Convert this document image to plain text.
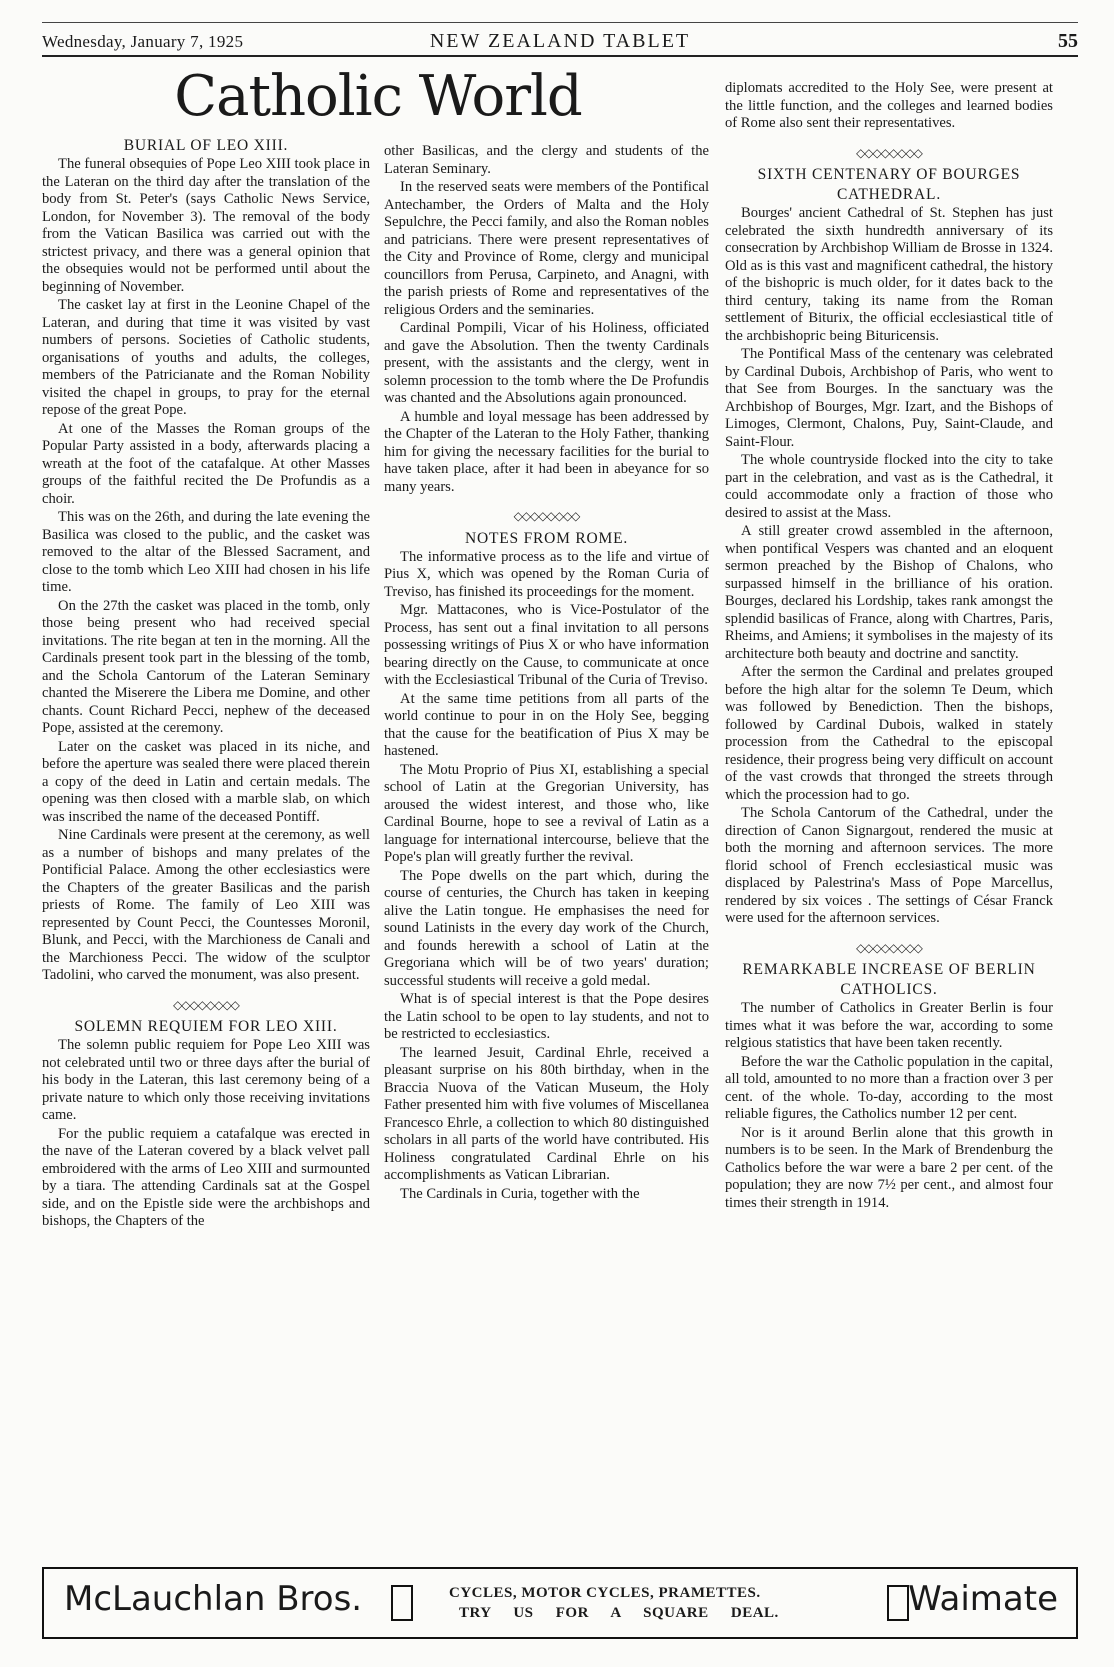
Wednesday, January 7, 1925	NEW ZEALAND TABLET	55
Catholic World
BURIAL OF LEO XIII.

The funeral obsequies of Pope Leo XIII took place in the Lateran on the third day after the translation of the body from St. Peter's (says Catholic News Service, London, for November 3). The removal of the body from the Vatican Basilica was carried out with the strictest privacy, and there was a general opinion that the obsequies would not be performed until about the beginning of November.

The casket lay at first in the Leonine Chapel of the Lateran, and during that time it was visited by vast numbers of persons. Societies of Catholic students, organisations of youths and adults, the colleges, members of the Patricianate and the Roman Nobility visited the chapel in groups, to pray for the eternal repose of the great Pope.

At one of the Masses the Roman groups of the Popular Party assisted in a body, afterwards placing a wreath at the foot of the catafalque. At other Masses groups of the faithful recited the De Profundis as a choir.

This was on the 26th, and during the late evening the Basilica was closed to the public, and the casket was removed to the altar of the Blessed Sacrament, and close to the tomb which Leo XIII had chosen in his life time.

On the 27th the casket was placed in the tomb, only those being present who had received special invitations. The rite began at ten in the morning. All the Cardinals present took part in the blessing of the tomb, and the Schola Cantorum of the Lateran Seminary chanted the Miserere the Libera me Domine, and other chants. Count Richard Pecci, nephew of the deceased Pope, assisted at the ceremony.

Later on the casket was placed in its niche, and before the aperture was sealed there were placed therein a copy of the deed in Latin and certain medals. The opening was then closed with a marble slab, on which was inscribed the name of the deceased Pontiff.

Nine Cardinals were present at the ceremony, as well as a number of bishops and many prelates of the Pontificial Palace. Among the other ecclesiastics were the Chapters of the greater Basilicas and the parish priests of Rome. The family of Leo XIII was represented by Count Pecci, the Countesses Moronil, Blunk, and Pecci, with the Marchioness de Canali and the Marchioness Pecci. The widow of the sculptor Tadolini, who carved the monument, was also present.

◇◇◇◇◇◇◇◇
SOLEMN REQUIEM FOR LEO XIII.

The solemn public requiem for Pope Leo XIII was not celebrated until two or three days after the burial of his body in the Lateran, this last ceremony being of a private nature to which only those receiving invitations came.

For the public requiem a catafalque was erected in the nave of the Lateran covered by a black velvet pall embroidered with the arms of Leo XIII and surmounted by a tiara. The attending Cardinals sat at the Gospel side, and on the Epistle side were the archbishops and bishops, the Chapters of the

other Basilicas, and the clergy and students of the Lateran Seminary.

In the reserved seats were members of the Pontifical Antechamber, the Orders of Malta and the Holy Sepulchre, the Pecci family, and also the Roman nobles and patricians. There were present representatives of the City and Province of Rome, clergy and municipal councillors from Perusa, Carpineto, and Anagni, with the parish priests of Rome and representatives of the religious Orders and the seminaries.

Cardinal Pompili, Vicar of his Holiness, officiated and gave the Absolution. Then the twenty Cardinals present, with the assistants and the clergy, went in solemn procession to the tomb where the De Profundis was chanted and the Absolutions again pronounced.

A humble and loyal message has been addressed by the Chapter of the Lateran to the Holy Father, thanking him for giving the necessary facilities for the burial to have taken place, after it had been in abeyance for so many years.

◇◇◇◇◇◇◇◇
NOTES FROM ROME.

The informative process as to the life and virtue of Pius X, which was opened by the Roman Curia of Treviso, has finished its proceedings for the moment.

Mgr. Mattacones, who is Vice-Postulator of the Process, has sent out a final invitation to all persons possessing writings of Pius X or who have information bearing directly on the Cause, to communicate at once with the Ecclesiastical Tribunal of the Curia of Treviso.

At the same time petitions from all parts of the world continue to pour in on the Holy See, begging that the cause for the beatification of Pius X may be hastened.

The Motu Proprio of Pius XI, establishing a special school of Latin at the Gregorian University, has aroused the widest interest, and those who, like Cardinal Bourne, hope to see a revival of Latin as a language for international intercourse, believe that the Pope's plan will greatly further the revival.

The Pope dwells on the part which, during the course of centuries, the Church has taken in keeping alive the Latin tongue. He emphasises the need for sound Latinists in the every day work of the Church, and founds herewith a school of Latin at the Gregoriana which will be of two years' duration; successful students will receive a gold medal.

What is of special interest is that the Pope desires the Latin school to be open to lay students, and not to be restricted to ecclesiastics.

The learned Jesuit, Cardinal Ehrle, received a pleasant surprise on his 80th birthday, when in the Braccia Nuova of the Vatican Museum, the Holy Father presented him with five volumes of Miscellanea Francesco Ehrle, a collection to which 80 distinguished scholars in all parts of the world have contributed. His Holiness congratulated Cardinal Ehrle on his accomplishments as Vatican Librarian.

The Cardinals in Curia, together with the

diplomats accredited to the Holy See, were present at the little function, and the colleges and learned bodies of Rome also sent their representatives.

◇◇◇◇◇◇◇◇
SIXTH CENTENARY OF BOURGES
CATHEDRAL.

Bourges' ancient Cathedral of St. Stephen has just celebrated the sixth hundredth anniversary of its consecration by Archbishop William de Brosse in 1324. Old as is this vast and magnificent cathedral, the history of the bishopric is much older, for it dates back to the third century, taking its name from the Roman settlement of Biturix, the official ecclesiastical title of the archbishopric being Bituricensis.

The Pontifical Mass of the centenary was celebrated by Cardinal Dubois, Archbishop of Paris, who went to that See from Bourges. In the sanctuary was the Archbishop of Bourges, Mgr. Izart, and the Bishops of Limoges, Clermont, Chalons, Puy, Saint-Claude, and Saint-Flour.

The whole countryside flocked into the city to take part in the celebration, and vast as is the Cathedral, it could accommodate only a fraction of those who desired to assist at the Mass.

A still greater crowd assembled in the afternoon, when pontifical Vespers was chanted and an eloquent sermon preached by the Bishop of Chalons, who surpassed himself in the brilliance of his oration. Bourges, declared his Lordship, takes rank amongst the splendid basilicas of France, along with Chartres, Paris, Rheims, and Amiens; it symbolises in the majesty of its architecture both beauty and doctrine and sanctity.

After the sermon the Cardinal and prelates grouped before the high altar for the solemn Te Deum, which was followed by Benediction. Then the bishops, followed by Cardinal Dubois, walked in stately procession from the Cathedral to the episcopal residence, their progress being very difficult on account of the vast crowds that thronged the streets through which the procession had to go.

The Schola Cantorum of the Cathedral, under the direction of Canon Signargout, rendered the music at both the morning and afternoon services. The more florid school of French ecclesiastical music was displaced by Palestrina's Mass of Pope Marcellus, rendered by six voices . The settings of César Franck were used for the afternoon services.

◇◇◇◇◇◇◇◇
REMARKABLE INCREASE OF BERLIN
CATHOLICS.

The number of Catholics in Greater Berlin is four times what it was before the war, according to some relgious statistics that have been taken recently.

Before the war the Catholic population in the capital, all told, amounted to no more than a fraction over 3 per cent. of the whole. To-day, according to the most reliable figures, the Catholics number 12 per cent.

Nor is it around Berlin alone that this growth in numbers is to be seen. In the Mark of Brendenburg the Catholics before the war were a bare 2 per cent. of the population; they are now 7½ per cent., and almost four times their strength in 1914.

McLauchlan Bros.	CYCLES, MOTOR CYCLES, PRAMETTES.
TRY US FOR A SQUARE DEAL.	Waimate
